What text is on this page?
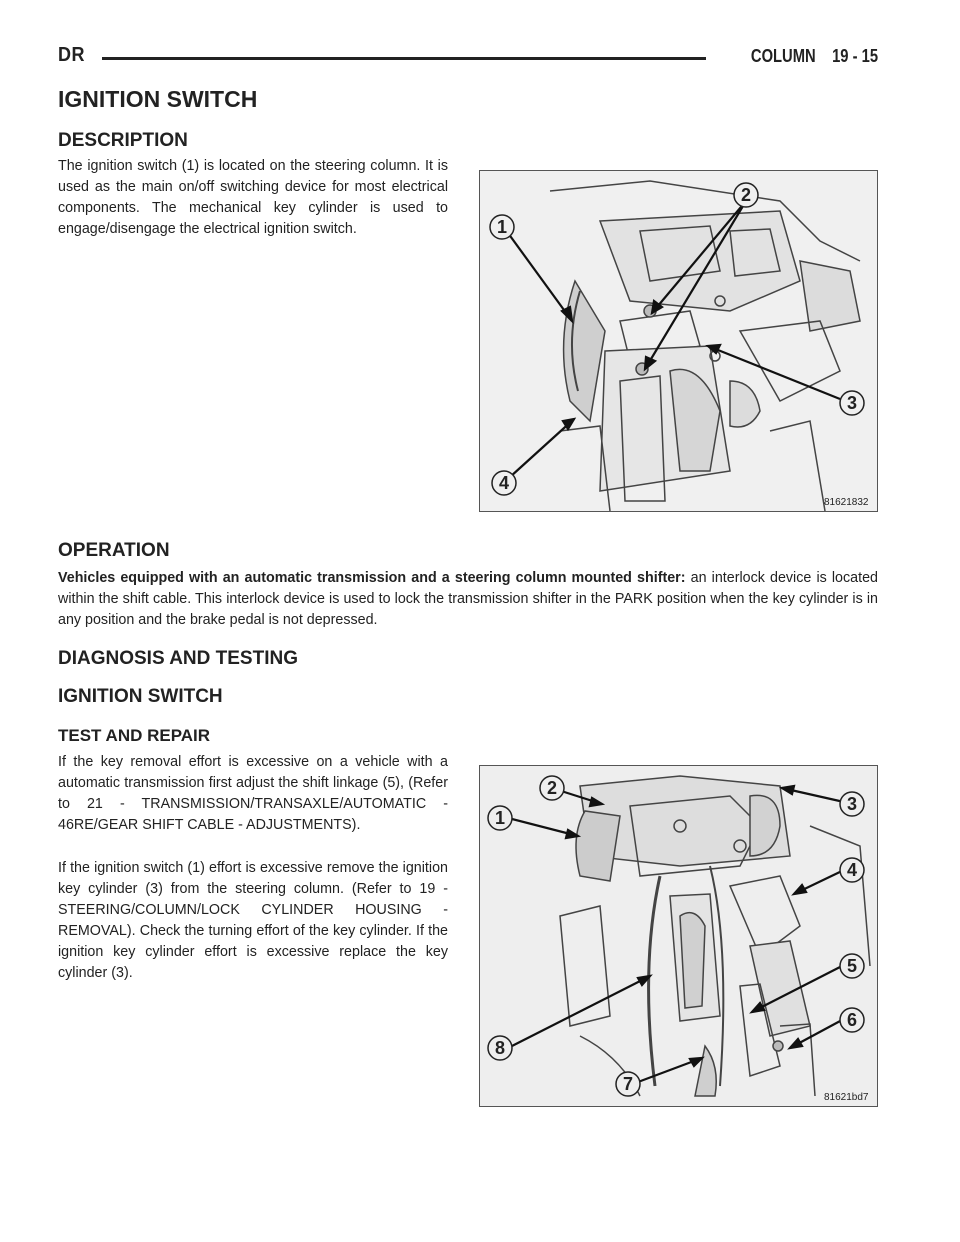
DR	COLUMN    19 - 15
IGNITION SWITCH
DESCRIPTION

The ignition switch (1) is located on the steering column. It is used as the main on/off switching device for most electrical components. The mechanical key cylinder is used to engage/disengage the electrical ignition switch.	1
2
3
4
81621832
OPERATION

Vehicles equipped with an automatic transmission and a steering column mounted shifter: an interlock device is located within the shift cable. This interlock device is used to lock the transmission shifter in the PARK position when the key cylinder is in any position and the brake pedal is not depressed.

DIAGNOSIS AND TESTING
IGNITION SWITCH
TEST AND REPAIR

If the key removal effort is excessive on a vehicle with a automatic transmission first adjust the shift linkage (5), (Refer to 21 - TRANSMISSION/TRANSAXLE/AUTOMATIC - 46RE/GEAR SHIFT CABLE - ADJUSTMENTS).

If the ignition switch (1) effort is excessive remove the ignition key cylinder (3) from the steering column. (Refer to 19 - STEERING/COLUMN/LOCK CYLINDER HOUSING - REMOVAL). Check the turning effort of the key cylinder. If the ignition key cylinder effort is excessive replace the key cylinder (3).

1
2
3
4
5
6
7
8
81621bd7
